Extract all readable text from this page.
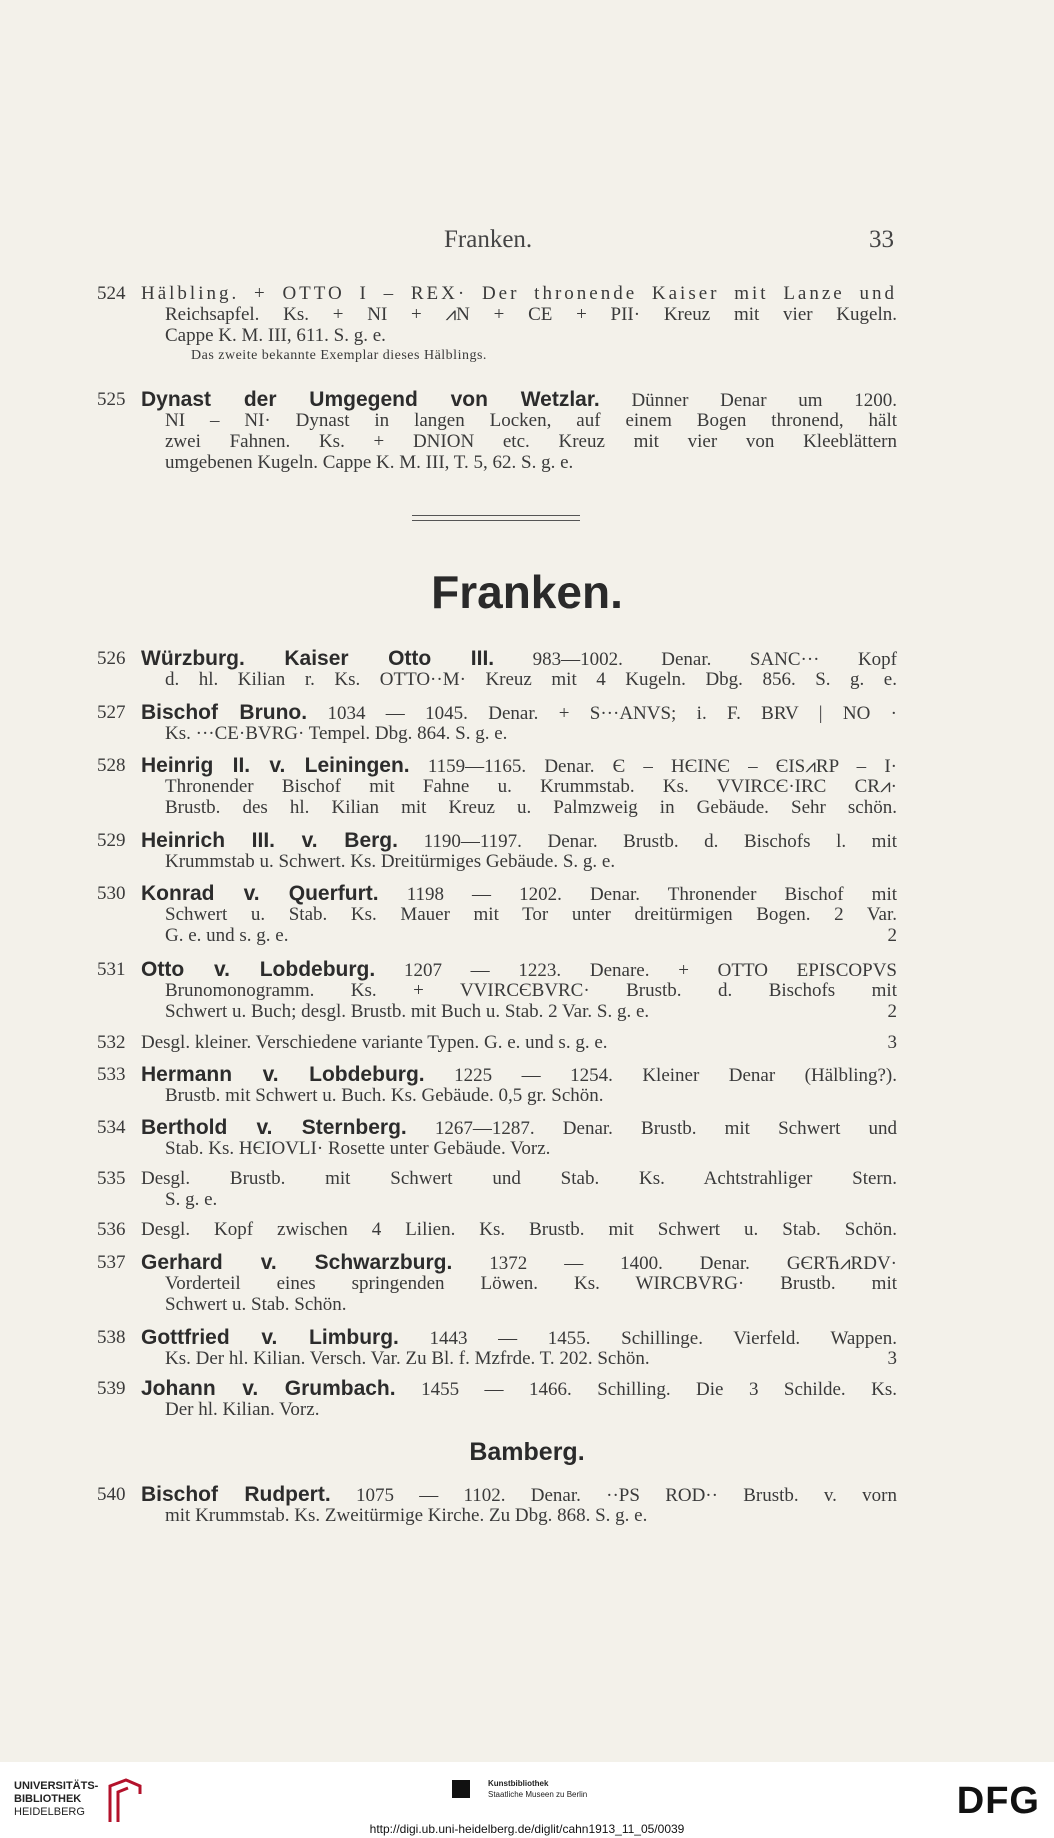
Franken.	33
524 Hälbling. + OTTO I – REX· Der thronende Kaiser mit Lanze und
Reichsapfel. Ks. + NI + ⩘N + CE + PII· Kreuz mit vier Kugeln.
Cappe K. M. III, 611. S. g. e.
Das zweite bekannte Exemplar dieses Hälblings.
525 Dynast der Umgegend von Wetzlar. Dünner Denar um 1200.
NI – NI· Dynast in langen Locken, auf einem Bogen thronend, hält
zwei Fahnen. Ks. + DNION etc. Kreuz mit vier von Kleeblättern
umgebenen Kugeln. Cappe K. M. III, T. 5, 62. S. g. e.
Franken.
526 Würzburg. Kaiser Otto III. 983—1002. Denar. SANC··· Kopf
d. hl. Kilian r. Ks. OTTO··M· Kreuz mit 4 Kugeln. Dbg. 856. S. g. e.
527 Bischof Bruno. 1034 — 1045. Denar. + S···ANVS; i. F. BRV | NO ·
Ks. ···CE·BVRG· Tempel. Dbg. 864. S. g. e.
528 Heinrig II. v. Leiningen. 1159—1165. Denar. Є – HЄINЄ – ЄIS⩘RP – I·
Thronender Bischof mit Fahne u. Krummstab. Ks. VVIRCЄ·IRC CR⩘·
Brustb. des hl. Kilian mit Kreuz u. Palmzweig in Gebäude. Sehr schön.
529 Heinrich III. v. Berg. 1190—1197. Denar. Brustb. d. Bischofs l. mit
Krummstab u. Schwert. Ks. Dreitürmiges Gebäude. S. g. e.
530 Konrad v. Querfurt. 1198 — 1202. Denar. Thronender Bischof mit
Schwert u. Stab. Ks. Mauer mit Tor unter dreitürmigen Bogen. 2 Var.
G. e. und s. g. e.	2
531 Otto v. Lobdeburg. 1207 — 1223. Denare. + OTTO EPISCOPVS
Brunomonogramm. Ks. + VVIRCЄBVRC· Brustb. d. Bischofs mit
Schwert u. Buch; desgl. Brustb. mit Buch u. Stab. 2 Var. S. g. e.	2
532 Desgl. kleiner. Verschiedene variante Typen. G. e. und s. g. e.	3
533 Hermann v. Lobdeburg. 1225 — 1254. Kleiner Denar (Hälbling?).
Brustb. mit Schwert u. Buch. Ks. Gebäude. 0,5 gr. Schön.
534 Berthold v. Sternberg. 1267—1287. Denar. Brustb. mit Schwert und
Stab. Ks. HЄIOVLI· Rosette unter Gebäude. Vorz.
535 Desgl. Brustb. mit Schwert und Stab. Ks. Achtstrahliger Stern.
S. g. e.
536 Desgl. Kopf zwischen 4 Lilien. Ks. Brustb. mit Schwert u. Stab. Schön.
537 Gerhard v. Schwarzburg. 1372 — 1400. Denar. GЄRЋ⩘RDV·
Vorderteil eines springenden Löwen. Ks. WIRCBVRG· Brustb. mit
Schwert u. Stab. Schön.
538 Gottfried v. Limburg. 1443 — 1455. Schillinge. Vierfeld. Wappen.
Ks. Der hl. Kilian. Versch. Var. Zu Bl. f. Mzfrde. T. 202. Schön.	3
539 Johann v. Grumbach. 1455 — 1466. Schilling. Die 3 Schilde. Ks.
Der hl. Kilian. Vorz.
Bamberg.
540 Bischof Rudpert. 1075 — 1102. Denar. ··PS ROD·· Brustb. v. vorn
mit Krummstab. Ks. Zweitürmige Kirche. Zu Dbg. 868. S. g. e.
UNIVERSITÄTS-
BIBLIOTHEK
HEIDELBERG
Kunstbibliothek
Staatliche Museen zu Berlin	DFG
http://digi.ub.uni-heidelberg.de/diglit/cahn1913_11_05/0039
